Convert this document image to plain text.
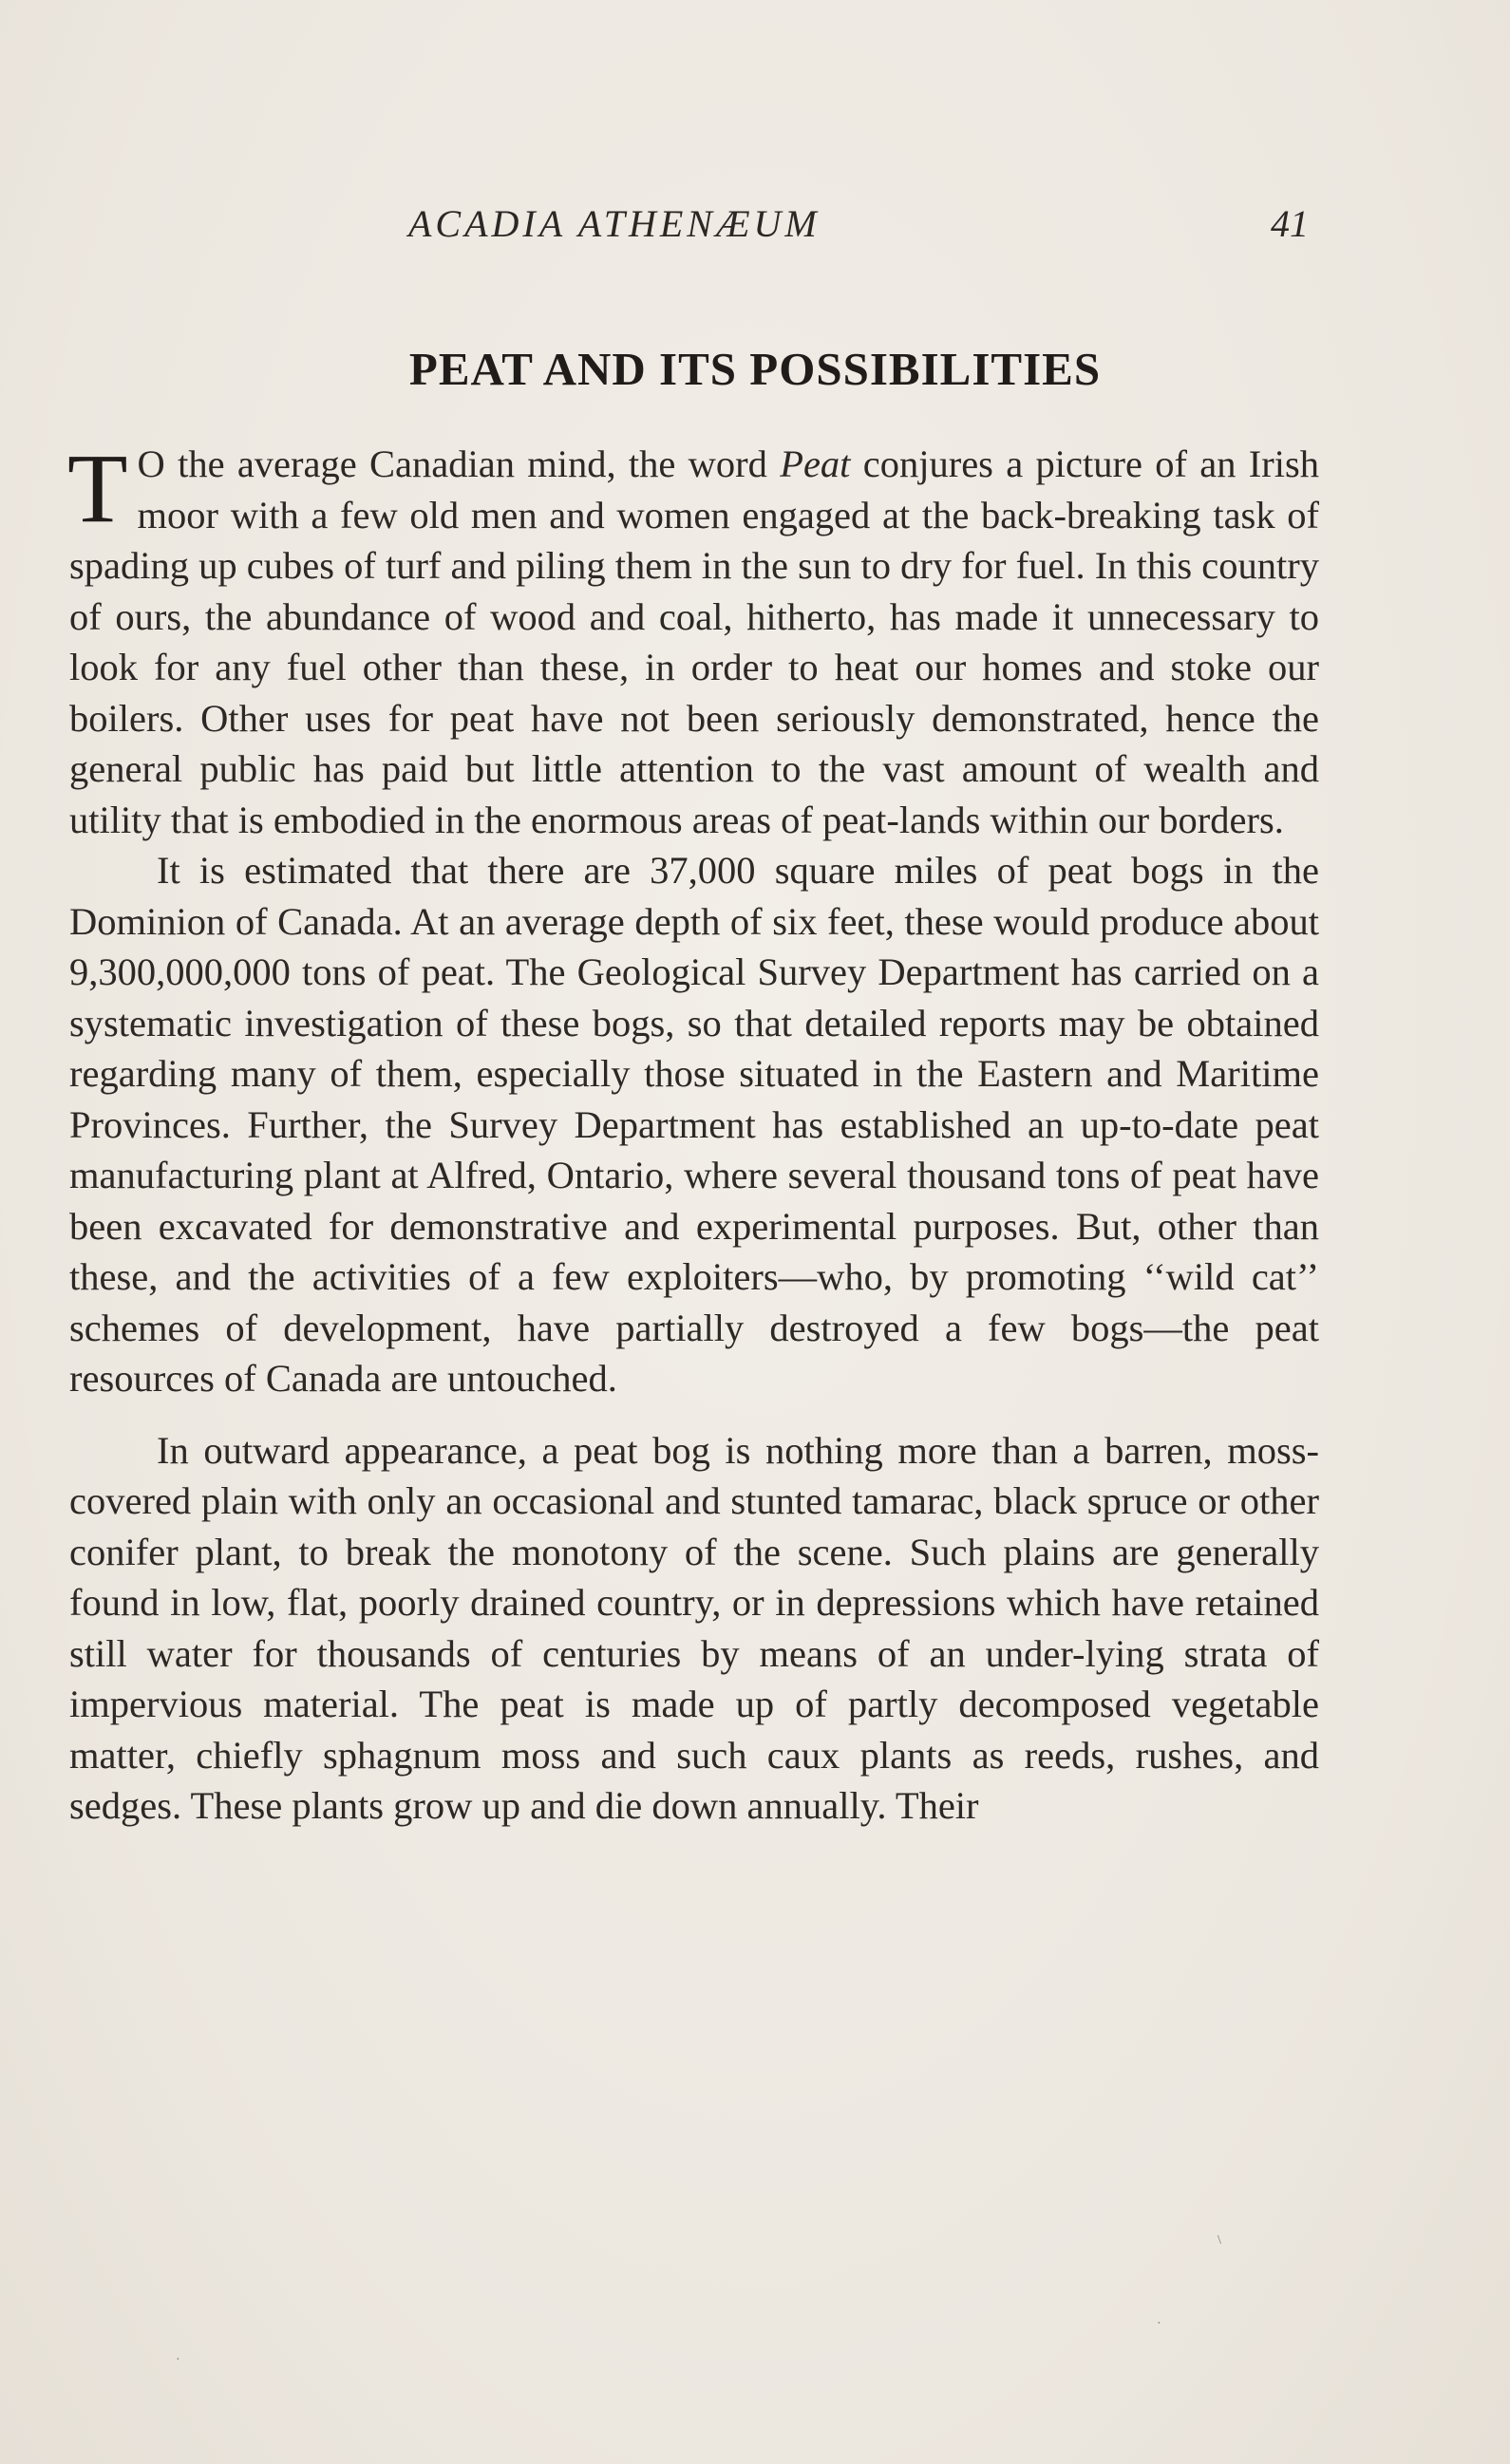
ACADIA ATHENÆUM	41
PEAT AND ITS POSSIBILITIES

T O the average Canadian mind, the word Peat conjures a picture of an Irish moor with a few old men and women engaged at the back-breaking task of spading up cubes of turf and piling them in the sun to dry for fuel. In this country of ours, the abundance of wood and coal, hitherto, has made it unnecessary to look for any fuel other than these, in order to heat our homes and stoke our boilers. Other uses for peat have not been seriously demonstrated, hence the general public has paid but little attention to the vast amount of wealth and utility that is embodied in the enormous areas of peat-lands within our borders.

It is estimated that there are 37,000 square miles of peat bogs in the Dominion of Canada. At an average depth of six feet, these would produce about 9,300,000,000 tons of peat. The Geological Survey Department has carried on a systematic investigation of these bogs, so that detailed reports may be obtained regarding many of them, especially those situated in the Eastern and Maritime Provinces. Further, the Survey Department has established an up-to-date peat manufacturing plant at Alfred, Ontario, where several thousand tons of peat have been excavated for demonstrative and experimental purposes. But, other than these, and the activities of a few exploiters—who, by promoting ‘‘wild cat’’ schemes of development, have partially destroyed a few bogs—the peat resources of Canada are untouched.

In outward appearance, a peat bog is nothing more than a barren, moss-covered plain with only an occasional and stunted tamarac, black spruce or other conifer plant, to break the monotony of the scene. Such plains are generally found in low, flat, poorly drained country, or in depressions which have retained still water for thousands of centuries by means of an under-lying strata of impervious material. The peat is made up of partly decomposed vegetable matter, chiefly sphagnum moss and such caux plants as reeds, rushes, and sedges. These plants grow up and die down annually. Their

\
·
·
